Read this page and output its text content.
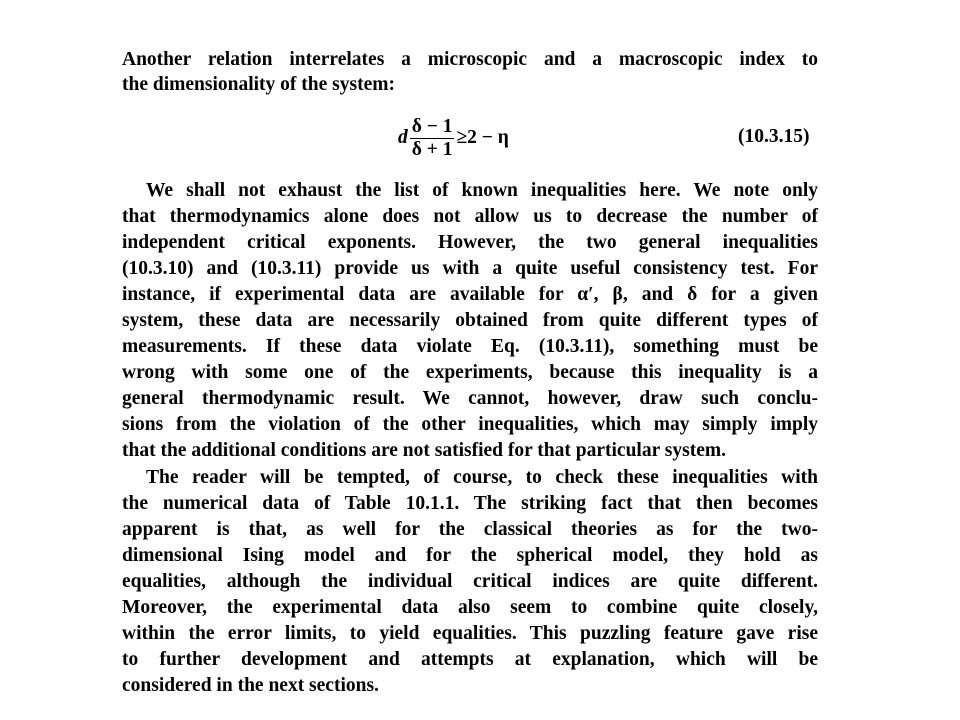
Another relation interrelates a microscopic and a macroscopic index to
the dimensionality of the system:
d $\frac{\delta - 1}{\delta + 1} \ge 2 - \eta$	(10.3.15)
We shall not exhaust the list of known inequalities here. We note only
that thermodynamics alone does not allow us to decrease the number of
independent critical exponents. However, the two general inequalities
(10.3.10) and (10.3.11) provide us with a quite useful consistency test. For
instance, if experimental data are available for α′, β, and δ for a given
system, these data are necessarily obtained from quite different types of
measurements. If these data violate Eq. (10.3.11), something must be
wrong with some one of the experiments, because this inequality is a
general thermodynamic result. We cannot, however, draw such conclu-
sions from the violation of the other inequalities, which may simply imply
that the additional conditions are not satisfied for that particular system.
The reader will be tempted, of course, to check these inequalities with
the numerical data of Table 10.1.1. The striking fact that then becomes
apparent is that, as well for the classical theories as for the two-
dimensional Ising model and for the spherical model, they hold as
equalities, although the individual critical indices are quite different.
Moreover, the experimental data also seem to combine quite closely,
within the error limits, to yield equalities. This puzzling feature gave rise
to further development and attempts at explanation, which will be
considered in the next sections.
